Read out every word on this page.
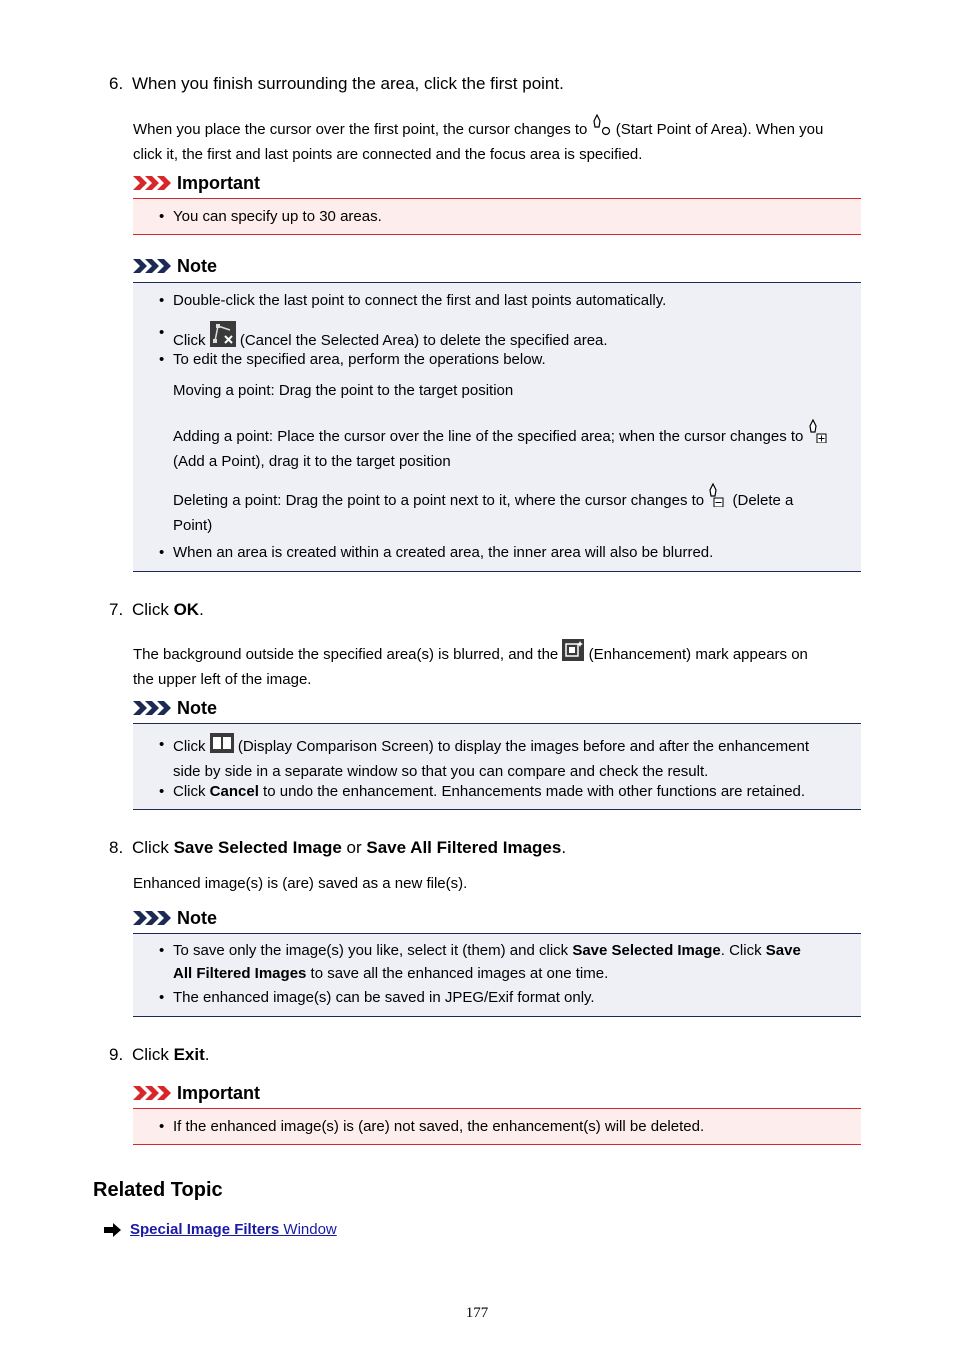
6. When you finish surrounding the area, click the first point.
When you place the cursor over the first point, the cursor changes to (Start Point of Area). When you
click it, the first and last points are connected and the focus area is specified.
Important
• You can specify up to 30 areas.
Note
• Double-click the last point to connect the first and last points automatically.
• Click (Cancel the Selected Area) to delete the specified area.
• To edit the specified area, perform the operations below.
Moving a point: Drag the point to the target position
Adding a point: Place the cursor over the line of the specified area; when the cursor changes to
(Add a Point), drag it to the target position
Deleting a point: Drag the point to a point next to it, where the cursor changes to (Delete a
Point)
• When an area is created within a created area, the inner area will also be blurred.
7. Click OK.
The background outside the specified area(s) is blurred, and the (Enhancement) mark appears on
the upper left of the image.
Note
• Click (Display Comparison Screen) to display the images before and after the enhancement
side by side in a separate window so that you can compare and check the result.
• Click Cancel to undo the enhancement. Enhancements made with other functions are retained.
8. Click Save Selected Image or Save All Filtered Images.
Enhanced image(s) is (are) saved as a new file(s).
Note
• To save only the image(s) you like, select it (them) and click Save Selected Image. Click Save
All Filtered Images to save all the enhanced images at one time.
• The enhanced image(s) can be saved in JPEG/Exif format only.
9. Click Exit.
Important
• If the enhanced image(s) is (are) not saved, the enhancement(s) will be deleted.
Related Topic
Special Image Filters Window
177
